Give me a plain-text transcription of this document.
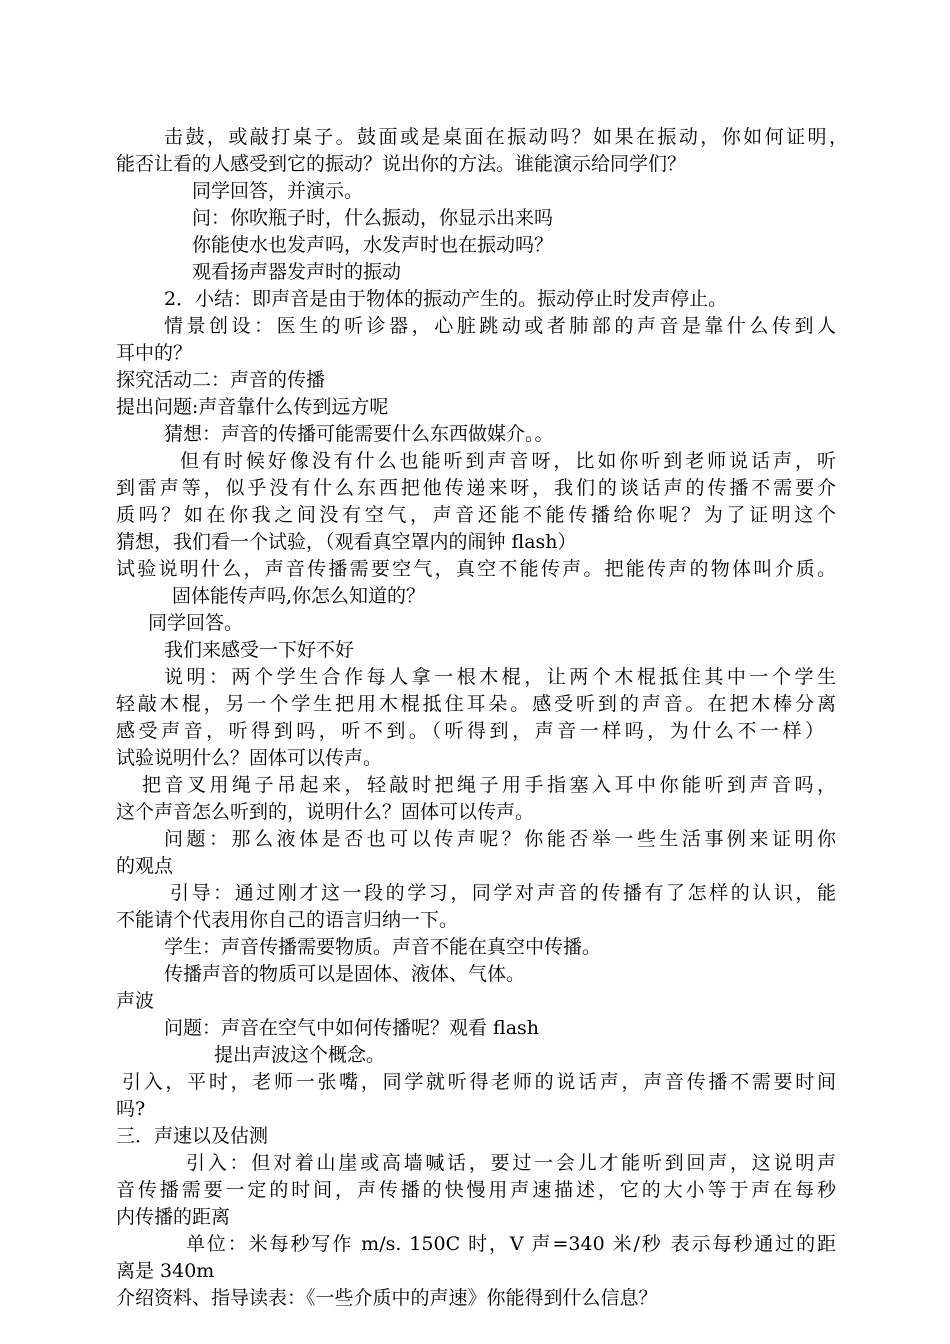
击鼓，或敲打桌子。鼓面或是桌面在振动吗？如果在振动，你如何证明，
能否让看的人感受到它的振动？说出你的方法。谁能演示给同学们？
同学回答，并演示。
问：你吹瓶子时，什么振动，你显示出来吗
你能使水也发声吗，水发声时也在振动吗？
观看扬声器发声时的振动
2．小结：即声音是由于物体的振动产生的。振动停止时发声停止。
情景创设：医生的听诊器，心脏跳动或者肺部的声音是靠什么传到人
耳中的？
探究活动二：声音的传播
提出问题:声音靠什么传到远方呢
猜想：声音的传播可能需要什么东西做媒介。。
但有时候好像没有什么也能听到声音呀，比如你听到老师说话声，听
到雷声等，似乎没有什么东西把他传递来呀，我们的谈话声的传播不需要介
质吗？如在你我之间没有空气，声音还能不能传播给你呢？为了证明这个
猜想，我们看一个试验，（观看真空罩内的闹钟 flash）
试验说明什么，声音传播需要空气，真空不能传声。把能传声的物体叫介质。
固体能传声吗,你怎么知道的？
同学回答。
我们来感受一下好不好
说明：两个学生合作每人拿一根木棍，让两个木棍抵住其中一个学生
轻敲木棍，另一个学生把用木棍抵住耳朵。感受听到的声音。在把木棒分离
感受声音，听得到吗，听不到。（听得到，声音一样吗，为什么不一样）
试验说明什么？固体可以传声。
把音叉用绳子吊起来，轻敲时把绳子用手指塞入耳中你能听到声音吗，
这个声音怎么听到的，说明什么？固体可以传声。
问题：那么液体是否也可以传声呢？你能否举一些生活事例来证明你
的观点
引导：通过刚才这一段的学习，同学对声音的传播有了怎样的认识，能
不能请个代表用你自己的语言归纳一下。
学生：声音传播需要物质。声音不能在真空中传播。
传播声音的物质可以是固体、液体、气体。
声波
问题：声音在空气中如何传播呢？观看 flash
提出声波这个概念。
引入，平时，老师一张嘴，同学就听得老师的说话声，声音传播不需要时间
吗?
三．声速以及估测
引入：但对着山崖或高墙喊话，要过一会儿才能听到回声，这说明声
音传播需要一定的时间，声传播的快慢用声速描述，它的大小等于声在每秒
内传播的距离
单位：米每秒写作 m/s. 150C 时，V 声=340 米/秒 表示每秒通过的距
离是 340m
介绍资料、指导读表：《一些介质中的声速》你能得到什么信息？
